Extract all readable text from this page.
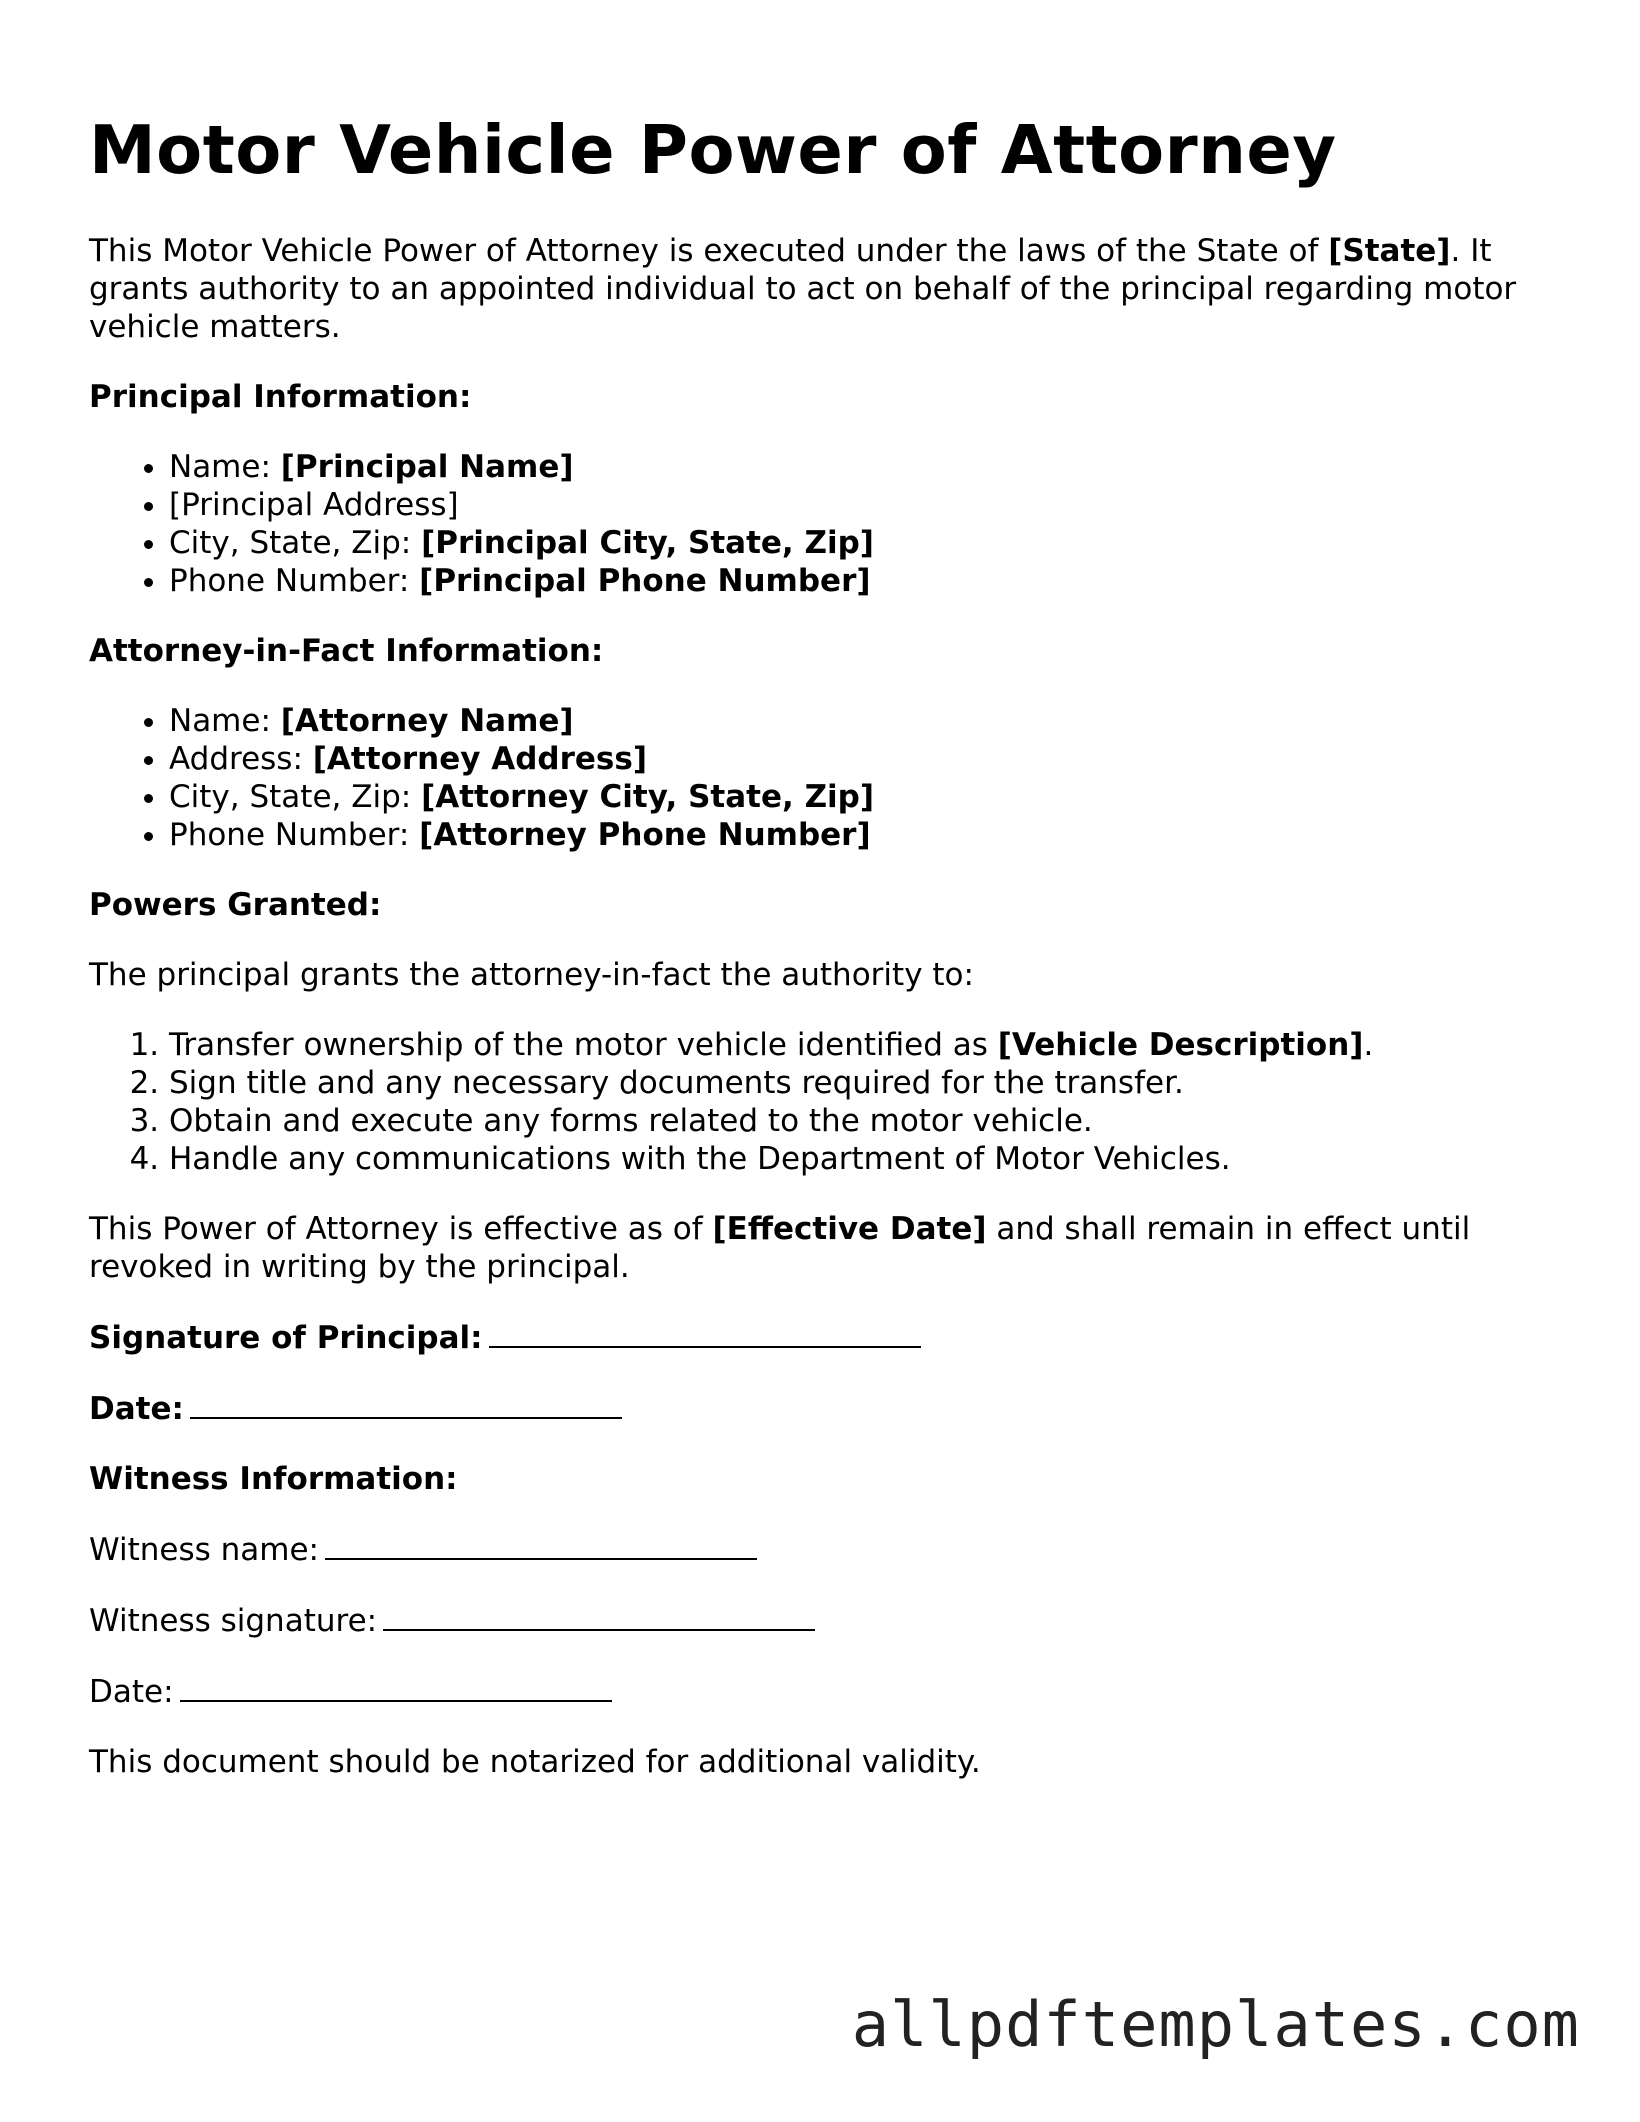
Motor Vehicle Power of Attorney

This Motor Vehicle Power of Attorney is executed under the laws of the State of [State]. It grants authority to an appointed individual to act on behalf of the principal regarding motor vehicle matters.

Principal Information:

• Name: [Principal Name]
• [Principal Address]
• City, State, Zip: [Principal City, State, Zip]
• Phone Number: [Principal Phone Number]

Attorney-in-Fact Information:

• Name: [Attorney Name]
• Address: [Attorney Address]
• City, State, Zip: [Attorney City, State, Zip]
• Phone Number: [Attorney Phone Number]

Powers Granted:

The principal grants the attorney-in-fact the authority to:

1. Transfer ownership of the motor vehicle identified as [Vehicle Description].
2. Sign title and any necessary documents required for the transfer.
3. Obtain and execute any forms related to the motor vehicle.
4. Handle any communications with the Department of Motor Vehicles.

This Power of Attorney is effective as of [Effective Date] and shall remain in effect until revoked in writing by the principal.

Signature of Principal:

Date:

Witness Information:

Witness name:

Witness signature:

Date:

This document should be notarized for additional validity.

allpdftemplates.com
